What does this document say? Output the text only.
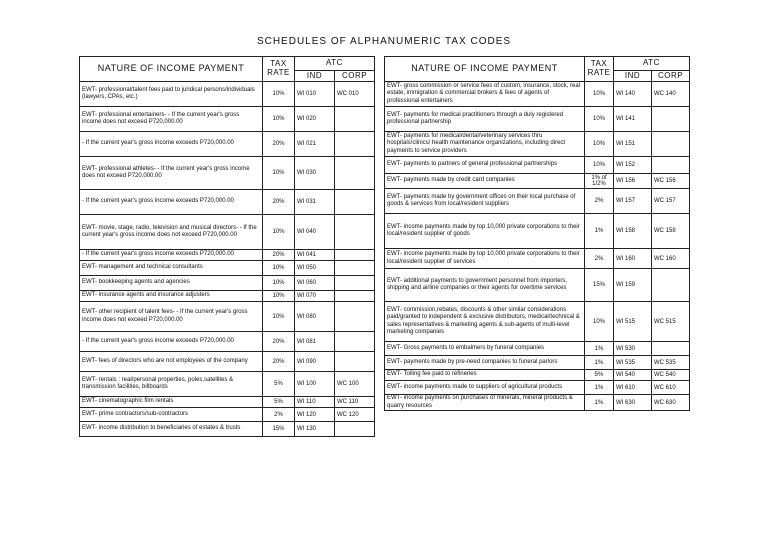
SCHEDULES OF ALPHANUMERIC TAX CODES
NATURE OF INCOME PAYMENT	TAX RATE	ATC	
		IND	CORP
EWT- professional/talent fees paid to juridical persons/individuals (lawyers, CPAs, etc.)	10%	WI 010	WC 010
EWT- professional entertainers- - If the current year's gross income does not exceed P720,000.00	10%	WI 020	
- If the current year's gross income exceeds P720,000.00	20%	WI 021	
EWT- professional athletes- - If the current year's gross income does not exceed P720,000.00	10%	WI 030	
- If the current year's gross income exceeds P720,000.00	20%	WI 031	
EWT- movie, stage, radio, television and musical directors- - If the current year's gross income does not exceed P720,000.00	10%	WI 040	
- If the current year's gross income exceeds P720,000.00	20%	WI 041	
EWT- management and technical consultants	10%	WI 050	
EWT- bookkeeping agents and agencies	10%	WI 060	
EWT- insurance agents and insurance adjusters	10%	WI 070	
EWT- other recipient of talent fees- - If the current year's gross income does not exceed P720,000.00	10%	WI 080	
- If the current year's gross income exceeds P720,000.00	20%	WI 081	
EWT- fees of directors who are not employees of the company	20%	WI 090	
EWT- rentals : real/personal properties, poles,satellites & transmission facilities, billboards	5%	WI 100	WC 100
EWT- cinematographic film rentals	5%	WI 110	WC 110
EWT- prime contractors/sub-contractors	2%	WI 120	WC 120
EWT- income distribution to beneficiaries of estates & trusts	15%	WI 130	
NATURE OF INCOME PAYMENT	TAX RATE	ATC	
		IND	CORP
EWT- gross commission or service fees of custom, insurance, stock, real estate, immigration & commercial brokers & fees of agents of professional entertainers	10%	WI 140	WC 140
EWT- payments for medical practitioners through a duly registered professional partnership	10%	WI 141	
EWT- payments for medical/dental/veterinary services thru hospitals/clinics/ health maintenance organizations, including direct payments to service providers	10%	WI 151	
EWT- payments to partners of general professional partnerships	10%	WI 152	
EWT- payments made by credit card companies	1% of 1/2%	WI 156	WC 156
EWT- payments made by government offices on their local purchase of goods & services from local/resident suppliers	2%	WI 157	WC 157
EWT- income payments made by top 10,000 private corporations to their local/resident supplier of goods	1%	WI 158	WC 158
EWT- income payments made by top 10,000 private corporations to their local/resident supplier of services	2%	WI 160	WC 160
EWT- additional payments to government personnel from importers, shipping and airline companies or their agents for overtime services	15%	WI 159	
EWT- commission,rebates, discounts & other similar considerations paid/granted to independent & exclusive distributors, medical/technical & sales representatives & marketing agents & sub-agents of multi-level marketing companies	10%	WI 515	WC 515
EWT- Gross payments to embalmers by funeral companies	1%	WI 530	
EWT- payments made by pre-need companies to funeral parlors	1%	WI 535	WC 535
EWT- Tolling fee paid to refineries	5%	WI 540	WC 540
EWT- income payments made to suppliers of agricultural products	1%	WI 610	WC 610
EWT- income payments on purchases of minerals, mineral products & quarry resources	1%	WI 630	WC 630
